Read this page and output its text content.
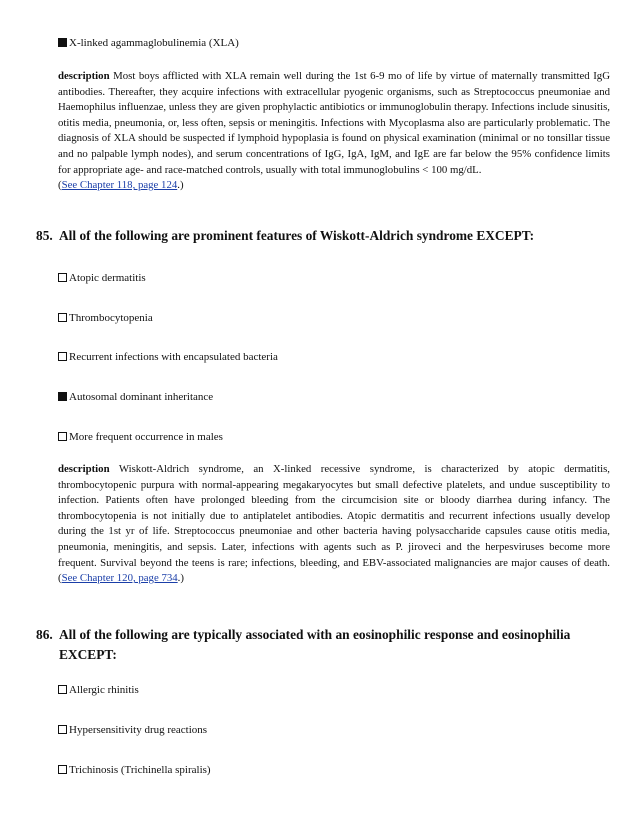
X-linked agammaglobulinemia (XLA)
description Most boys afflicted with XLA remain well during the 1st 6-9 mo of life by virtue of maternally transmitted IgG antibodies. Thereafter, they acquire infections with extracellular pyogenic organisms, such as Streptococcus pneumoniae and Haemophilus influenzae, unless they are given prophylactic antibiotics or immunoglobulin therapy. Infections include sinusitis, otitis media, pneumonia, or, less often, sepsis or meningitis. Infections with Mycoplasma also are particularly problematic. The diagnosis of XLA should be suspected if lymphoid hypoplasia is found on physical examination (minimal or no tonsillar tissue and no palpable lymph nodes), and serum concentrations of IgG, IgA, IgM, and IgE are far below the 95% confidence limits for appropriate age- and race-matched controls, usually with total immunoglobulins < 100 mg/dL.
(See Chapter 118, page 124.)
85. All of the following are prominent features of Wiskott-Aldrich syndrome EXCEPT:
Atopic dermatitis
Thrombocytopenia
Recurrent infections with encapsulated bacteria
Autosomal dominant inheritance
More frequent occurrence in males
description Wiskott-Aldrich syndrome, an X-linked recessive syndrome, is characterized by atopic dermatitis, thrombocytopenic purpura with normal-appearing megakaryocytes but small defective platelets, and undue susceptibility to infection. Patients often have prolonged bleeding from the circumcision site or bloody diarrhea during infancy. The thrombocytopenia is not initially due to antiplatelet antibodies. Atopic dermatitis and recurrent infections usually develop during the 1st yr of life. Streptococcus pneumoniae and other bacteria having polysaccharide capsules cause otitis media, pneumonia, meningitis, and sepsis. Later, infections with agents such as P. jiroveci and the herpesviruses become more frequent. Survival beyond the teens is rare; infections, bleeding, and EBV-associated malignancies are major causes of death. (See Chapter 120, page 734.)
86. All of the following are typically associated with an eosinophilic response and eosinophilia EXCEPT:
Allergic rhinitis
Hypersensitivity drug reactions
Trichinosis (Trichinella spiralis)
